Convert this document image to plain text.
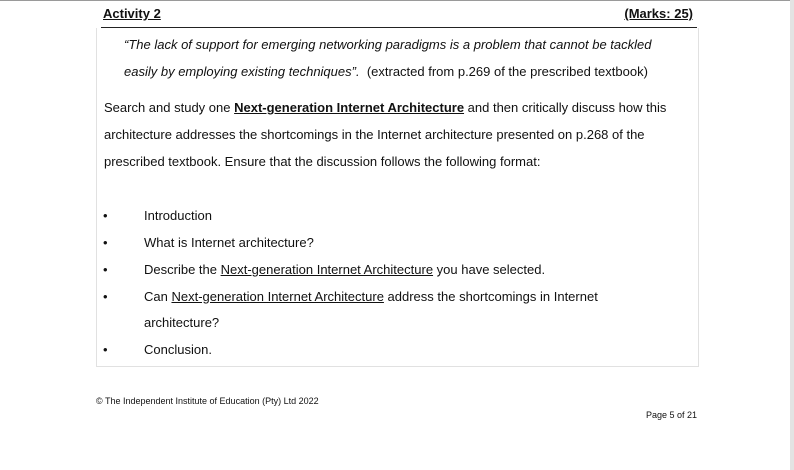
Activity 2	(Marks: 25)
“The lack of support for emerging networking paradigms is a problem that cannot be tackled
easily by employing existing techniques”. (extracted from p.269 of the prescribed textbook)
Search and study one Next-generation Internet Architecture and then critically discuss how this
architecture addresses the shortcomings in the Internet architecture presented on p.268 of the
prescribed textbook. Ensure that the discussion follows the following format:
•	Introduction
•	What is Internet architecture?
•	Describe the Next-generation Internet Architecture you have selected.
•	Can Next-generation Internet Architecture address the shortcomings in Internet
architecture?
•	Conclusion.
© The Independent Institute of Education (Pty) Ltd 2022
Page 5 of 21
